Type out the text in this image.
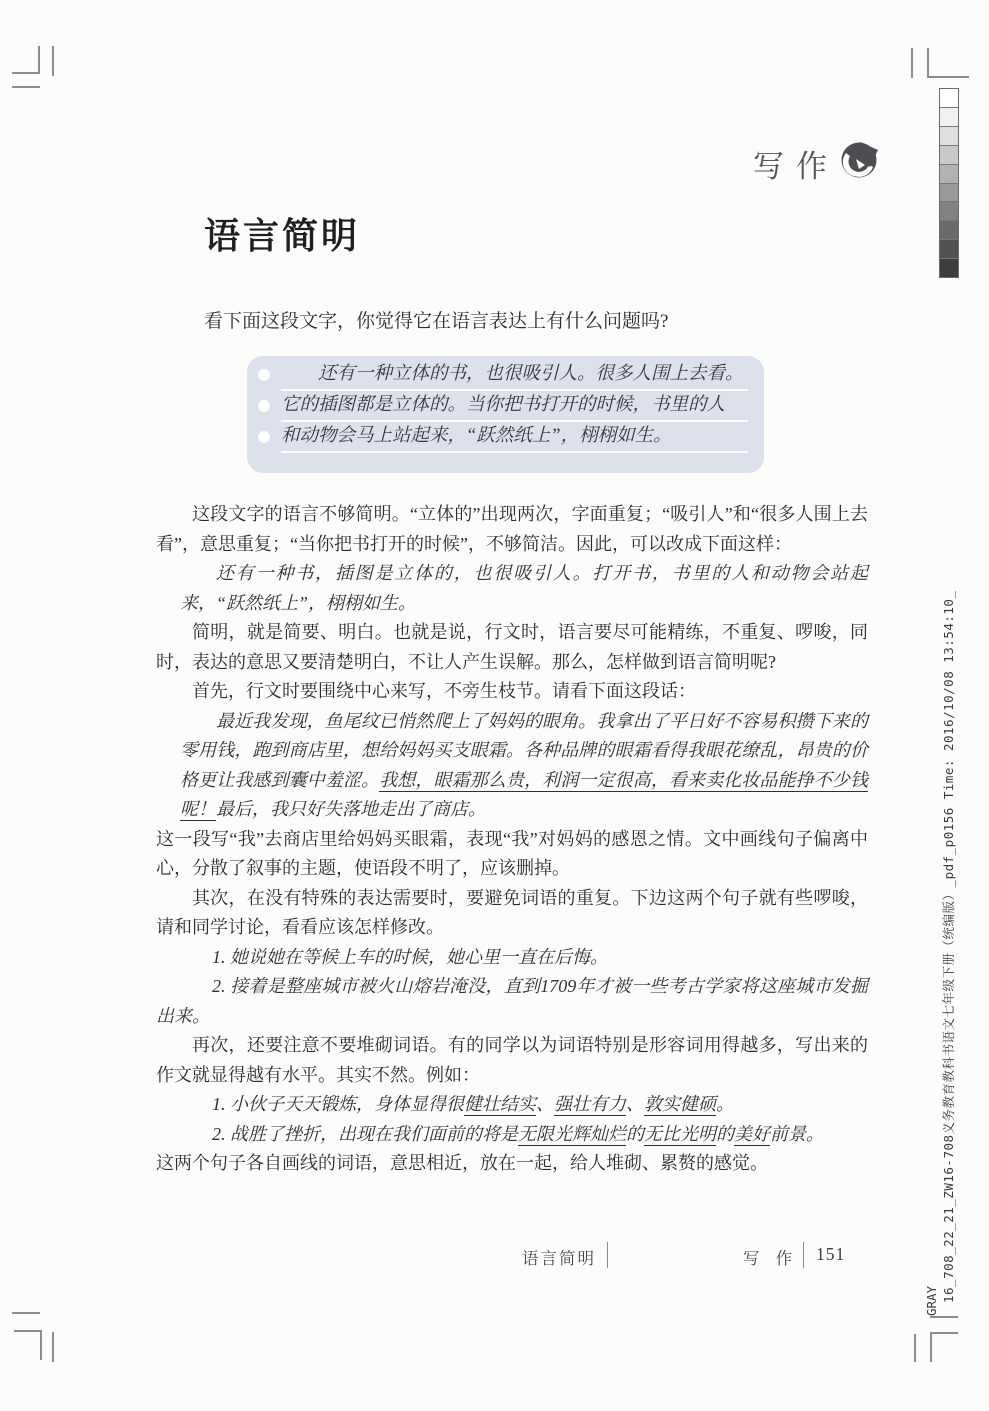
写作
语言简明
看下面这段文字，你觉得它在语言表达上有什么问题吗?
还有一种立体的书，也很吸引人。很多人围上去看。
它的插图都是立体的。当你把书打开的时候，书里的人
和动物会马上站起来，“跃然纸上”，栩栩如生。

这段文字的语言不够简明。“立体的”出现两次，字面重复；“吸引人”和“很多人围上去看”，意思重复；“当你把书打开的时候”，不够简洁。因此，可以改成下面这样：

还有一种书，插图是立体的，也很吸引人。打开书，书里的人和动物会站起来，“跃然纸上”，栩栩如生。

简明，就是简要、明白。也就是说，行文时，语言要尽可能精练，不重复、啰唆，同时，表达的意思又要清楚明白，不让人产生误解。那么，怎样做到语言简明呢?

首先，行文时要围绕中心来写，不旁生枝节。请看下面这段话：

最近我发现，鱼尾纹已悄然爬上了妈妈的眼角。我拿出了平日好不容易积攒下来的零用钱，跑到商店里，想给妈妈买支眼霜。各种品牌的眼霜看得我眼花缭乱，昂贵的价格更让我感到囊中羞涩。我想，眼霜那么贵，利润一定很高，看来卖化妆品能挣不少钱呢！最后，我只好失落地走出了商店。

这一段写“我”去商店里给妈妈买眼霜，表现“我”对妈妈的感恩之情。文中画线句子偏离中心，分散了叙事的主题，使语段不明了，应该删掉。

其次，在没有特殊的表达需要时，要避免词语的重复。下边这两个句子就有些啰唆，请和同学讨论，看看应该怎样修改。

1. 她说她在等候上车的时候，她心里一直在后悔。

2. 接着是整座城市被火山熔岩淹没，直到1709年才被一些考古学家将这座城市发掘出来。

再次，还要注意不要堆砌词语。有的同学以为词语特别是形容词用得越多，写出来的作文就显得越有水平。其实不然。例如：

1. 小伙子天天锻炼，身体显得很健壮结实、强壮有力、敦实健硕。

2. 战胜了挫折，出现在我们面前的将是无限光辉灿烂的无比光明的美好前景。

这两个句子各自画线的词语，意思相近，放在一起，给人堆砌、累赘的感觉。

语言简明	写 作 151	16_708_22_21_ZW16-708义务教育教科书语文七年级下册（统编版）_pdf_p0156 Time: 2016/10/08 13:54:10_
GRAY
